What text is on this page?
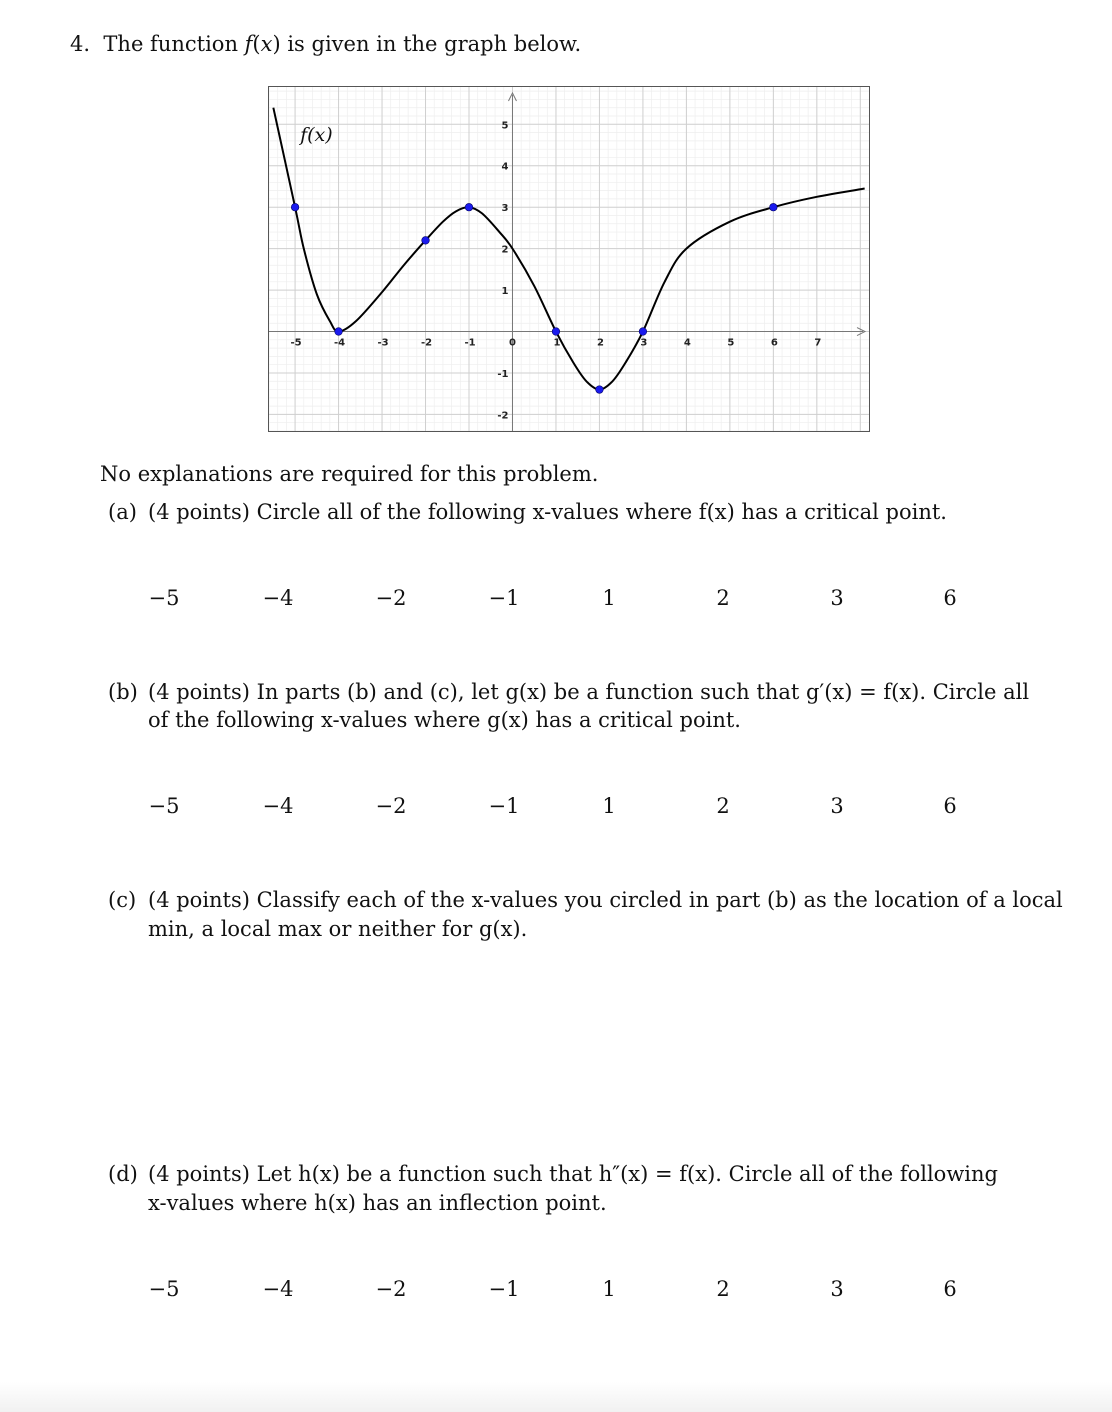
4. The function f(x) is given in the graph below.
-5	-4	-3	-2	-1	0	1	2	3	4	5	6	7
5
4
3
2
1
-1
-2
f(x)
No explanations are required for this problem.
(a) (4 points) Circle all of the following x-values where f(x) has a critical point.
−5	−4	−2	−1	1	2	3	6
(b) (4 points) In parts (b) and (c), let g(x) be a function such that g′(x) = f(x). Circle all
of the following x-values where g(x) has a critical point.
−5	−4	−2	−1	1	2	3	6
(c) (4 points) Classify each of the x-values you circled in part (b) as the location of a local
min, a local max or neither for g(x).
(d) (4 points) Let h(x) be a function such that h″(x) = f(x). Circle all of the following
x-values where h(x) has an inflection point.
−5	−4	−2	−1	1	2	3	6
